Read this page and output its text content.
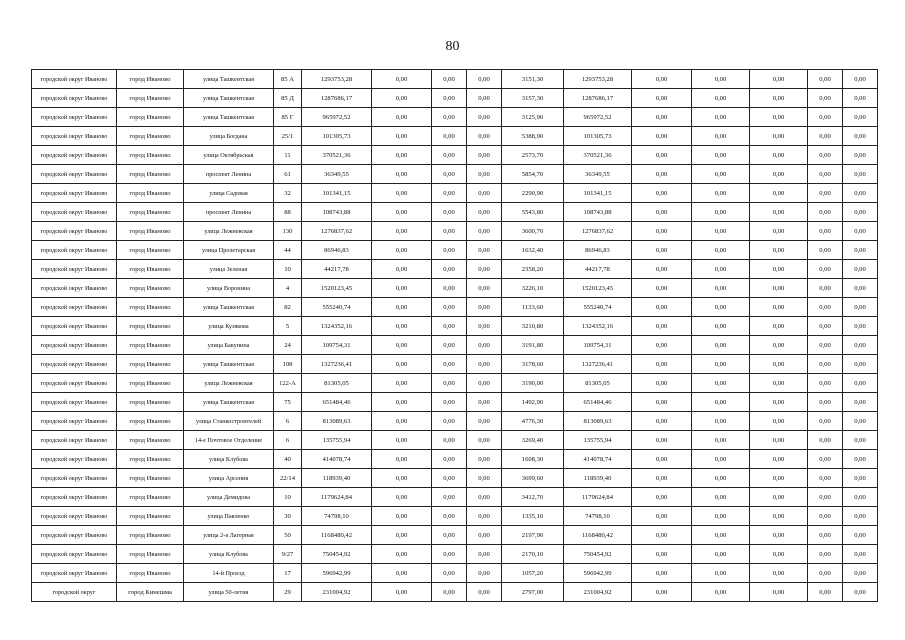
80
городской округ Иваново	город Иваново	улица Ташкентская	85 А	1293753,28	0,00	0,00	0,00	3151,30	1293753,28	0,00	0,00	0,00	0,00	0,00
городской округ Иваново	город Иваново	улица Ташкентская	85 Д	1287686,17	0,00	0,00	0,00	3157,30	1287686,17	0,00	0,00	0,00	0,00	0,00
городской округ Иваново	город Иваново	улица Ташкентская	85 Г	965972,52	0,00	0,00	0,00	3125,90	965972,52	0,00	0,00	0,00	0,00	0,00
городской округ Иваново	город Иваново	улица Богдана	25/1	101305,73	0,00	0,00	0,00	5388,90	101305,73	0,00	0,00	0,00	0,00	0,00
городской округ Иваново	город Иваново	улица Октябрьская	11	370521,36	0,00	0,00	0,00	2573,70	370521,36	0,00	0,00	0,00	0,00	0,00
городской округ Иваново	город Иваново	проспект Ленина	61	36349,55	0,00	0,00	0,00	5854,70	36349,55	0,00	0,00	0,00	0,00	0,00
городской округ Иваново	город Иваново	улица Садовая	32	101341,15	0,00	0,00	0,00	2290,90	101341,15	0,00	0,00	0,00	0,00	0,00
городской округ Иваново	город Иваново	проспект Ленина	88	108743,88	0,00	0,00	0,00	5543,80	108743,88	0,00	0,00	0,00	0,00	0,00
городской округ Иваново	город Иваново	улица Лежневская	130	1276837,62	0,00	0,00	0,00	3600,70	1276837,62	0,00	0,00	0,00	0,00	0,00
городской округ Иваново	город Иваново	улица Пролетарская	44	86946,83	0,00	0,00	0,00	1632,40	86946,83	0,00	0,00	0,00	0,00	0,00
городской округ Иваново	город Иваново	улица Зеленая	10	44217,78	0,00	0,00	0,00	2358,20	44217,78	0,00	0,00	0,00	0,00	0,00
городской округ Иваново	город Иваново	улица Воронина	4	1520123,45	0,00	0,00	0,00	3226,10	1520123,45	0,00	0,00	0,00	0,00	0,00
городской округ Иваново	город Иваново	улица Ташкентская	82	555240,74	0,00	0,00	0,00	1133,60	555240,74	0,00	0,00	0,00	0,00	0,00
городской округ Иваново	город Иваново	улица Кузякова	5	1324352,16	0,00	0,00	0,00	3210,80	1324352,16	0,00	0,00	0,00	0,00	0,00
городской округ Иваново	город Иваново	улица Бакунина	24	109754,31	0,00	0,00	0,00	3191,80	109754,31	0,00	0,00	0,00	0,00	0,00
городской округ Иваново	город Иваново	улица Ташкентская	108	1327236,41	0,00	0,00	0,00	3178,60	1327236,41	0,00	0,00	0,00	0,00	0,00
городской округ Иваново	город Иваново	улица Лежневская	122-А	81305,05	0,00	0,00	0,00	3190,00	81305,05	0,00	0,00	0,00	0,00	0,00
городской округ Иваново	город Иваново	улица Ташкентская	75	651484,46	0,00	0,00	0,00	1492,90	651484,46	0,00	0,00	0,00	0,00	0,00
городской округ Иваново	город Иваново	улица Станкостроителей	6	813089,63	0,00	0,00	0,00	4776,30	813089,63	0,00	0,00	0,00	0,00	0,00
городской округ Иваново	город Иваново	14-е Почтовое Отделение	6	135755,94	0,00	0,00	0,00	3269,40	135755,94	0,00	0,00	0,00	0,00	0,00
городской округ Иваново	город Иваново	улица Клубова	40	414078,74	0,00	0,00	0,00	1608,30	414078,74	0,00	0,00	0,00	0,00	0,00
городской округ Иваново	город Иваново	улица Арсения	22/14	118939,40	0,00	0,00	0,00	3699,60	118939,40	0,00	0,00	0,00	0,00	0,00
городской округ Иваново	город Иваново	улица Демидова	10	1179624,84	0,00	0,00	0,00	3412,70	1179624,84	0,00	0,00	0,00	0,00	0,00
городской округ Иваново	город Иваново	улица Павленко	30	74798,10	0,00	0,00	0,00	1335,10	74798,10	0,00	0,00	0,00	0,00	0,00
городской округ Иваново	город Иваново	улица 2-я Лагерная	50	1168480,42	0,00	0,00	0,00	2197,90	1168480,42	0,00	0,00	0,00	0,00	0,00
городской округ Иваново	город Иваново	улица Клубова	9/27	750454,92	0,00	0,00	0,00	2170,10	750454,92	0,00	0,00	0,00	0,00	0,00
городской округ Иваново	город Иваново	14-й Проезд	17	596942,99	0,00	0,00	0,00	1057,20	596942,99	0,00	0,00	0,00	0,00	0,00
городской округ	город Кинешма	улица 50-летия	29	231004,92	0,00	0,00	0,00	2797,00	231004,92	0,00	0,00	0,00	0,00	0,00
